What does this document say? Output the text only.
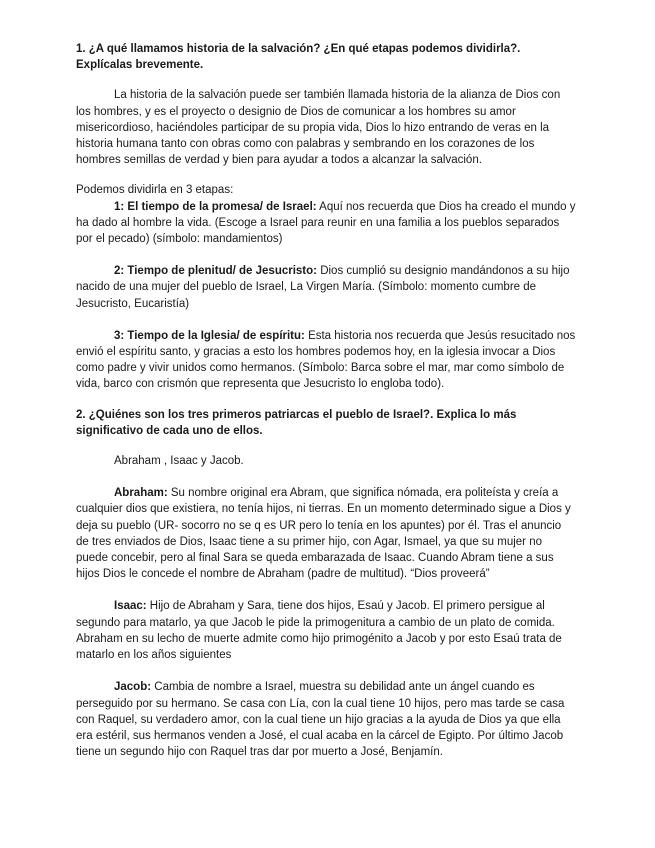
1. ¿A qué llamamos historia de la salvación? ¿En qué etapas podemos dividirla?. Explícalas brevemente.

La historia de la salvación puede ser también llamada historia de la alianza de Dios con los hombres, y es el proyecto o designio de Dios de comunicar a los hombres su amor misericordioso, haciéndoles participar de su propia vida, Dios lo hizo entrando de veras en la historia humana tanto con obras como con palabras y sembrando en los corazones de los hombres semillas de verdad y bien para ayudar a todos a alcanzar la salvación.

Podemos dividirla en 3 etapas:

1: El tiempo de la promesa/ de Israel: Aquí nos recuerda que Dios ha creado el mundo y ha dado al hombre la vida. (Escoge a Israel para reunir en una familia a los pueblos separados por el pecado) (símbolo: mandamientos)

2: Tiempo de plenitud/ de Jesucristo: Dios cumplió su designio mandándonos a su hijo nacido de una mujer del pueblo de Israel, La Virgen María. (Símbolo: momento cumbre de Jesucristo, Eucaristía)

3: Tiempo de la Iglesia/ de espíritu: Esta historia nos recuerda que Jesús resucitado nos envió el espíritu santo, y gracias a esto los hombres podemos hoy, en la iglesia invocar a Dios como padre y vivir unidos como hermanos. (Símbolo: Barca sobre el mar, mar como símbolo de vida, barco con crismón que representa que Jesucristo lo engloba todo).

2. ¿Quiénes son los tres primeros patriarcas el pueblo de Israel?. Explica lo más significativo de cada uno de ellos.

Abraham , Isaac y Jacob.

Abraham: Su nombre original era Abram, que significa nómada, era politeísta y creía a cualquier dios que existiera, no tenía hijos, ni tierras. En un momento determinado sigue a Dios y deja su pueblo (UR- socorro no se q es UR pero lo tenía en los apuntes) por él. Tras el anuncio de tres enviados de Dios, Isaac tiene a su primer hijo, con Agar, Ismael, ya que su mujer no puede concebir, pero al final Sara se queda embarazada de Isaac. Cuando Abram tiene a sus hijos Dios le concede el nombre de Abraham (padre de multitud). “Dios proveerá”

Isaac: Hijo de Abraham y Sara, tiene dos hijos, Esaú y Jacob. El primero persigue al segundo para matarlo, ya que Jacob le pide la primogenitura a cambio de un plato de comida. Abraham en su lecho de muerte admite como hijo primogénito a Jacob y por esto Esaú trata de matarlo en los años siguientes

Jacob: Cambia de nombre a Israel, muestra su debilidad ante un ángel cuando es perseguido por su hermano. Se casa con Lía, con la cual tiene 10 hijos, pero mas tarde se casa con Raquel, su verdadero amor, con la cual tiene un hijo gracias a la ayuda de Dios ya que ella era estéril, sus hermanos venden a José, el cual acaba en la cárcel de Egipto. Por último Jacob tiene un segundo hijo con Raquel tras dar por muerto a José, Benjamín.
